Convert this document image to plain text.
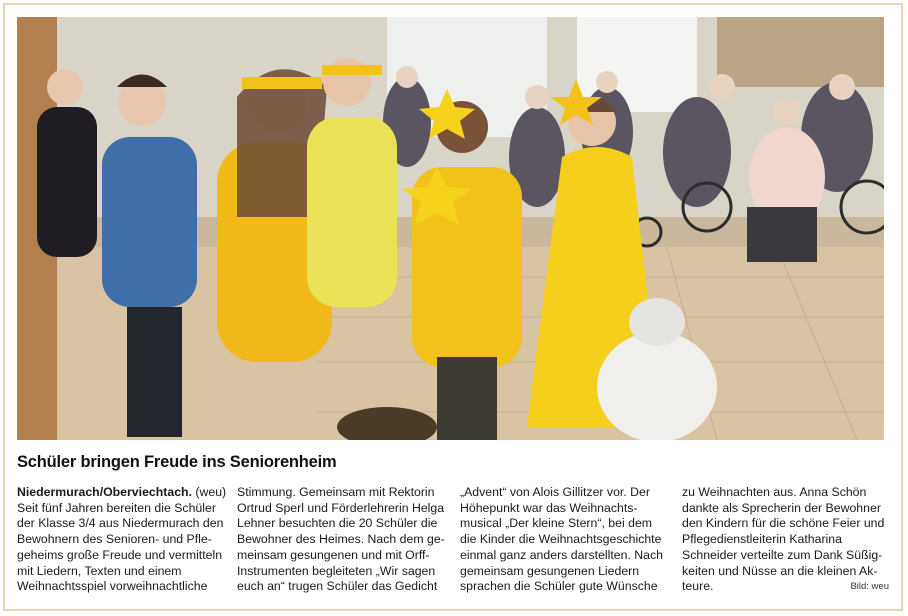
Schüler bringen Freude ins Seniorenheim
Niedermurach/Oberviechtach. (weu)
Seit fünf Jahren bereiten die Schüler
der Klasse 3/4 aus Niedermurach den
Bewohnern des Senioren- und Pfle-
geheims große Freude und vermitteln
mit Liedern, Texten und einem
Weihnachtsspiel vorweihnachtliche
Stimmung. Gemeinsam mit Rektorin
Ortrud Sperl und Förderlehrerin Helga
Lehner besuchten die 20 Schüler die
Bewohner des Heimes. Nach dem ge-
meinsam gesungenen und mit Orff-
Instrumenten begleiteten „Wir sagen
euch an“ trugen Schüler das Gedicht
„Advent“ von Alois Gillitzer vor. Der
Höhepunkt war das Weihnachts-
musical „Der kleine Stern“, bei dem
die Kinder die Weihnachtsgeschichte
einmal ganz anders darstellten. Nach
gemeinsam gesungenen Liedern
sprachen die Schüler gute Wünsche
zu Weihnachten aus. Anna Schön
dankte als Sprecherin der Bewohner
den Kindern für die schöne Feier und
Pflegedienstleiterin Katharina
Schneider verteilte zum Dank Süßig-
keiten und Nüsse an die kleinen Ak-
teure.	Bild: weu
